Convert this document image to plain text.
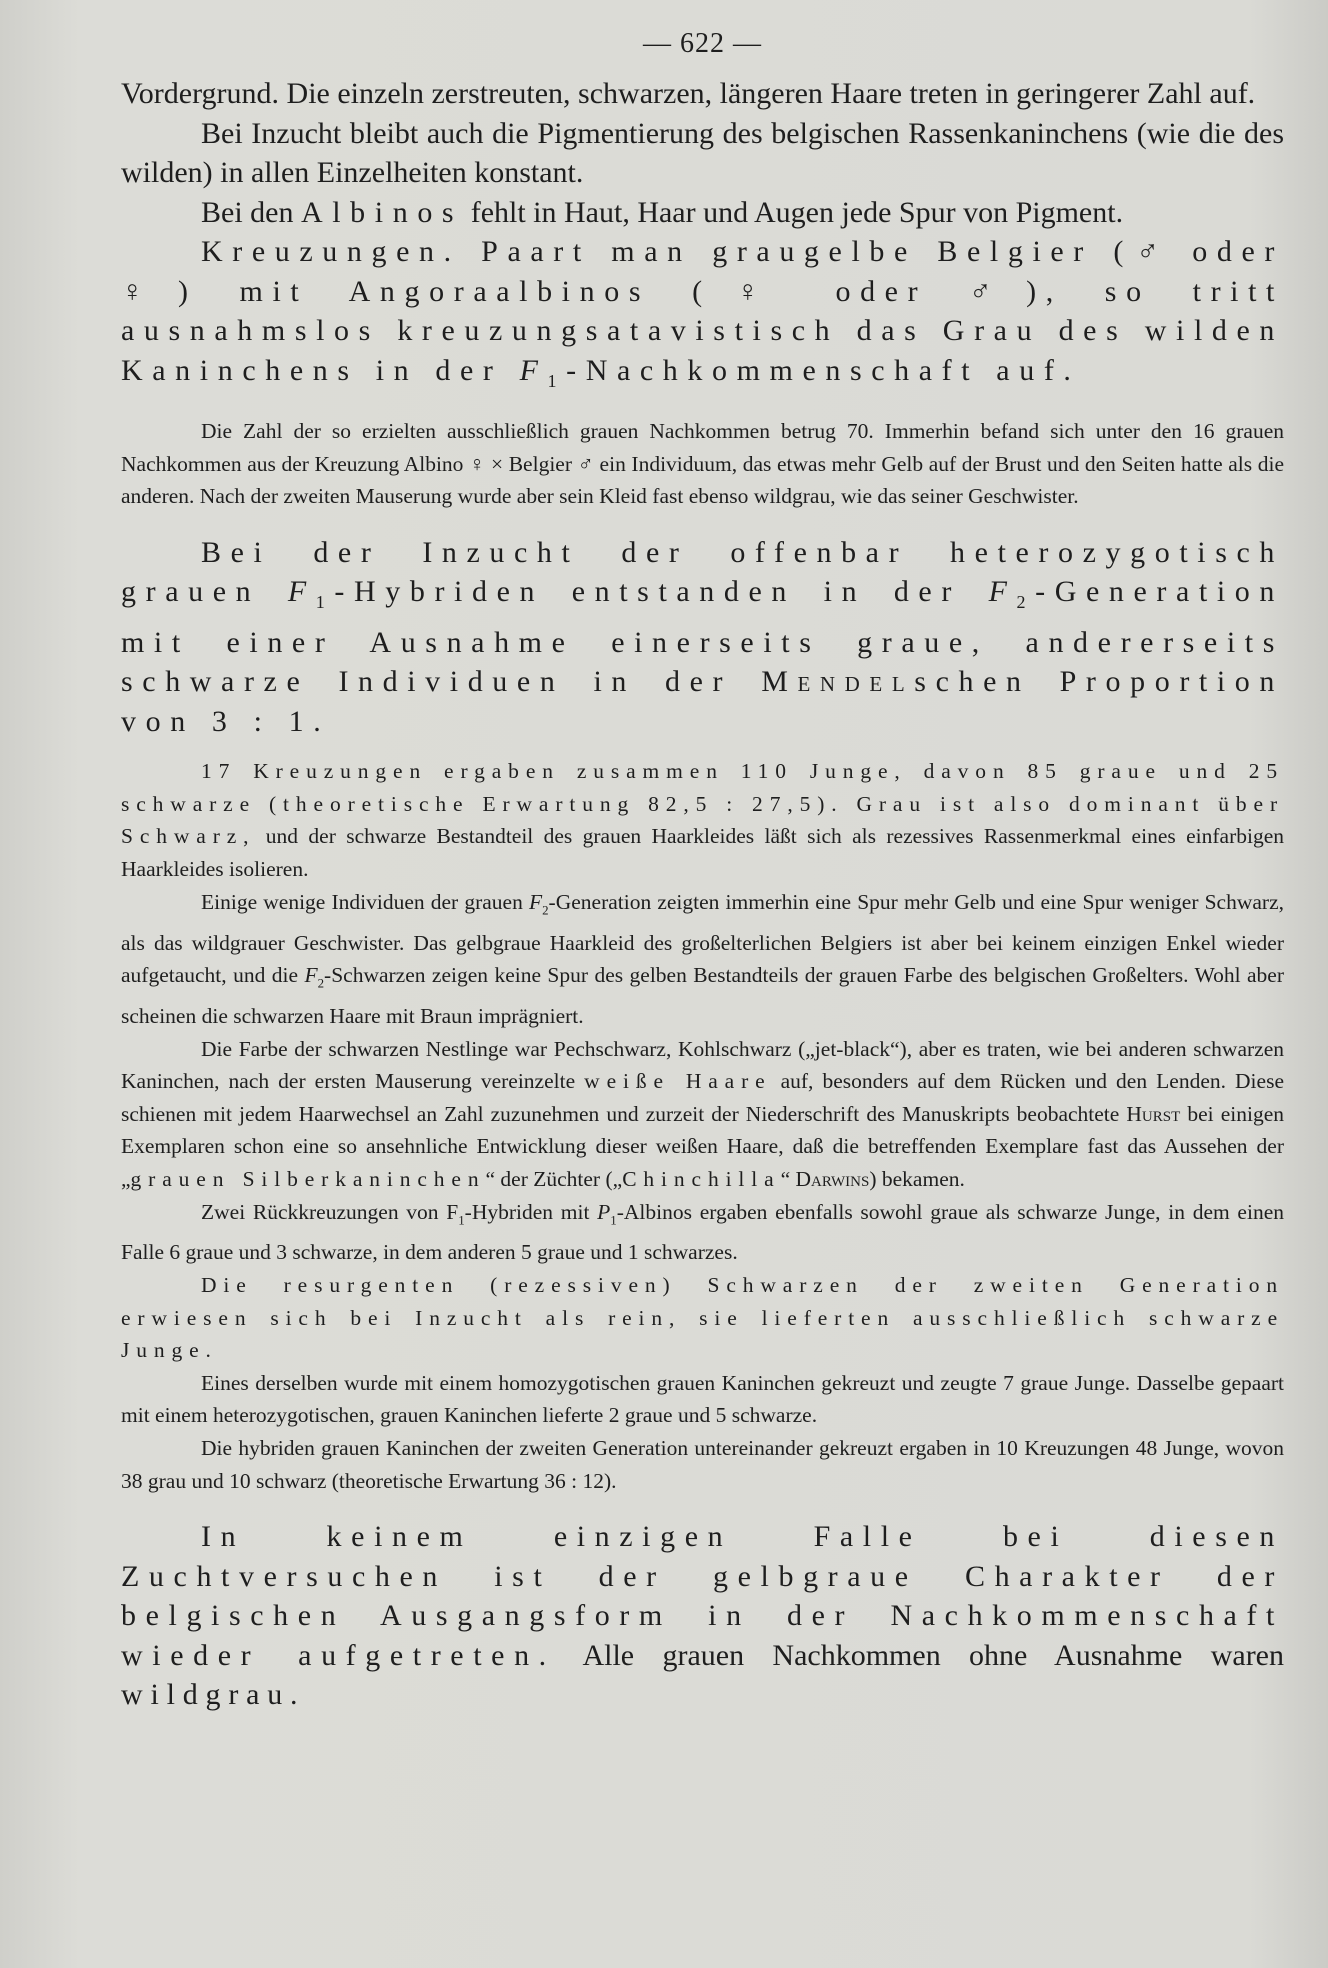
— 622 —

Vordergrund. Die einzeln zerstreuten, schwarzen, längeren Haare treten in geringerer Zahl auf.

Bei Inzucht bleibt auch die Pigmentierung des belgischen Rassenkaninchens (wie die des wilden) in allen Einzelheiten konstant.

Bei den Albinos fehlt in Haut, Haar und Augen jede Spur von Pigment.

Kreuzungen. Paart man graugelbe Belgier (♂ oder ♀) mit Angoraalbinos (♀ oder ♂), so tritt ausnahmslos kreuzungsatavistisch das Grau des wilden Kaninchens in der $F_1$-Nachkommenschaft auf.

Die Zahl der so erzielten ausschließlich grauen Nachkommen betrug 70. Immerhin befand sich unter den 16 grauen Nachkommen aus der Kreuzung Albino ♀ × Belgier ♂ ein Individuum, das etwas mehr Gelb auf der Brust und den Seiten hatte als die anderen. Nach der zweiten Mauserung wurde aber sein Kleid fast ebenso wildgrau, wie das seiner Geschwister.

Bei der Inzucht der offenbar heterozygotisch grauen $F_1$-Hybriden entstanden in der $F_2$-Generation mit einer Ausnahme einerseits graue, andererseits schwarze Individuen in der Mendelschen Proportion von 3 : 1.

17 Kreuzungen ergaben zusammen 110 Junge, davon 85 graue und 25 schwarze (theoretische Erwartung 82,5 : 27,5). Grau ist also dominant über Schwarz, und der schwarze Bestandteil des grauen Haarkleides läßt sich als rezessives Rassenmerkmal eines einfarbigen Haarkleides isolieren.

Einige wenige Individuen der grauen $F_2$-Generation zeigten immerhin eine Spur mehr Gelb und eine Spur weniger Schwarz, als das wildgrauer Geschwister. Das gelbgraue Haarkleid des großelterlichen Belgiers ist aber bei keinem einzigen Enkel wieder aufgetaucht, und die $F_2$-Schwarzen zeigen keine Spur des gelben Bestandteils der grauen Farbe des belgischen Großelters. Wohl aber scheinen die schwarzen Haare mit Braun imprägniert.

Die Farbe der schwarzen Nestlinge war Pechschwarz, Kohlschwarz („jet-black“), aber es traten, wie bei anderen schwarzen Kaninchen, nach der ersten Mauserung vereinzelte weiße Haare auf, besonders auf dem Rücken und den Lenden. Diese schienen mit jedem Haarwechsel an Zahl zuzunehmen und zurzeit der Niederschrift des Manuskripts beobachtete Hurst bei einigen Exemplaren schon eine so ansehnliche Entwicklung dieser weißen Haare, daß die betreffenden Exemplare fast das Aussehen der „grauen Silberkaninchen“ der Züchter („Chinchilla“ Darwins) bekamen.

Zwei Rückkreuzungen von $F_1$-Hybriden mit $P_1$-Albinos ergaben ebenfalls sowohl graue als schwarze Junge, in dem einen Falle 6 graue und 3 schwarze, in dem anderen 5 graue und 1 schwarzes.

Die resurgenten (rezessiven) Schwarzen der zweiten Generation erwiesen sich bei Inzucht als rein, sie lieferten ausschließlich schwarze Junge.

Eines derselben wurde mit einem homozygotischen grauen Kaninchen gekreuzt und zeugte 7 graue Junge. Dasselbe gepaart mit einem heterozygotischen, grauen Kaninchen lieferte 2 graue und 5 schwarze.

Die hybriden grauen Kaninchen der zweiten Generation untereinander gekreuzt ergaben in 10 Kreuzungen 48 Junge, wovon 38 grau und 10 schwarz (theoretische Erwartung 36 : 12).

In keinem einzigen Falle bei diesen Zuchtversuchen ist der gelbgraue Charakter der belgischen Ausgangsform in der Nachkommenschaft wieder aufgetreten. Alle grauen Nachkommen ohne Ausnahme waren wildgrau.
